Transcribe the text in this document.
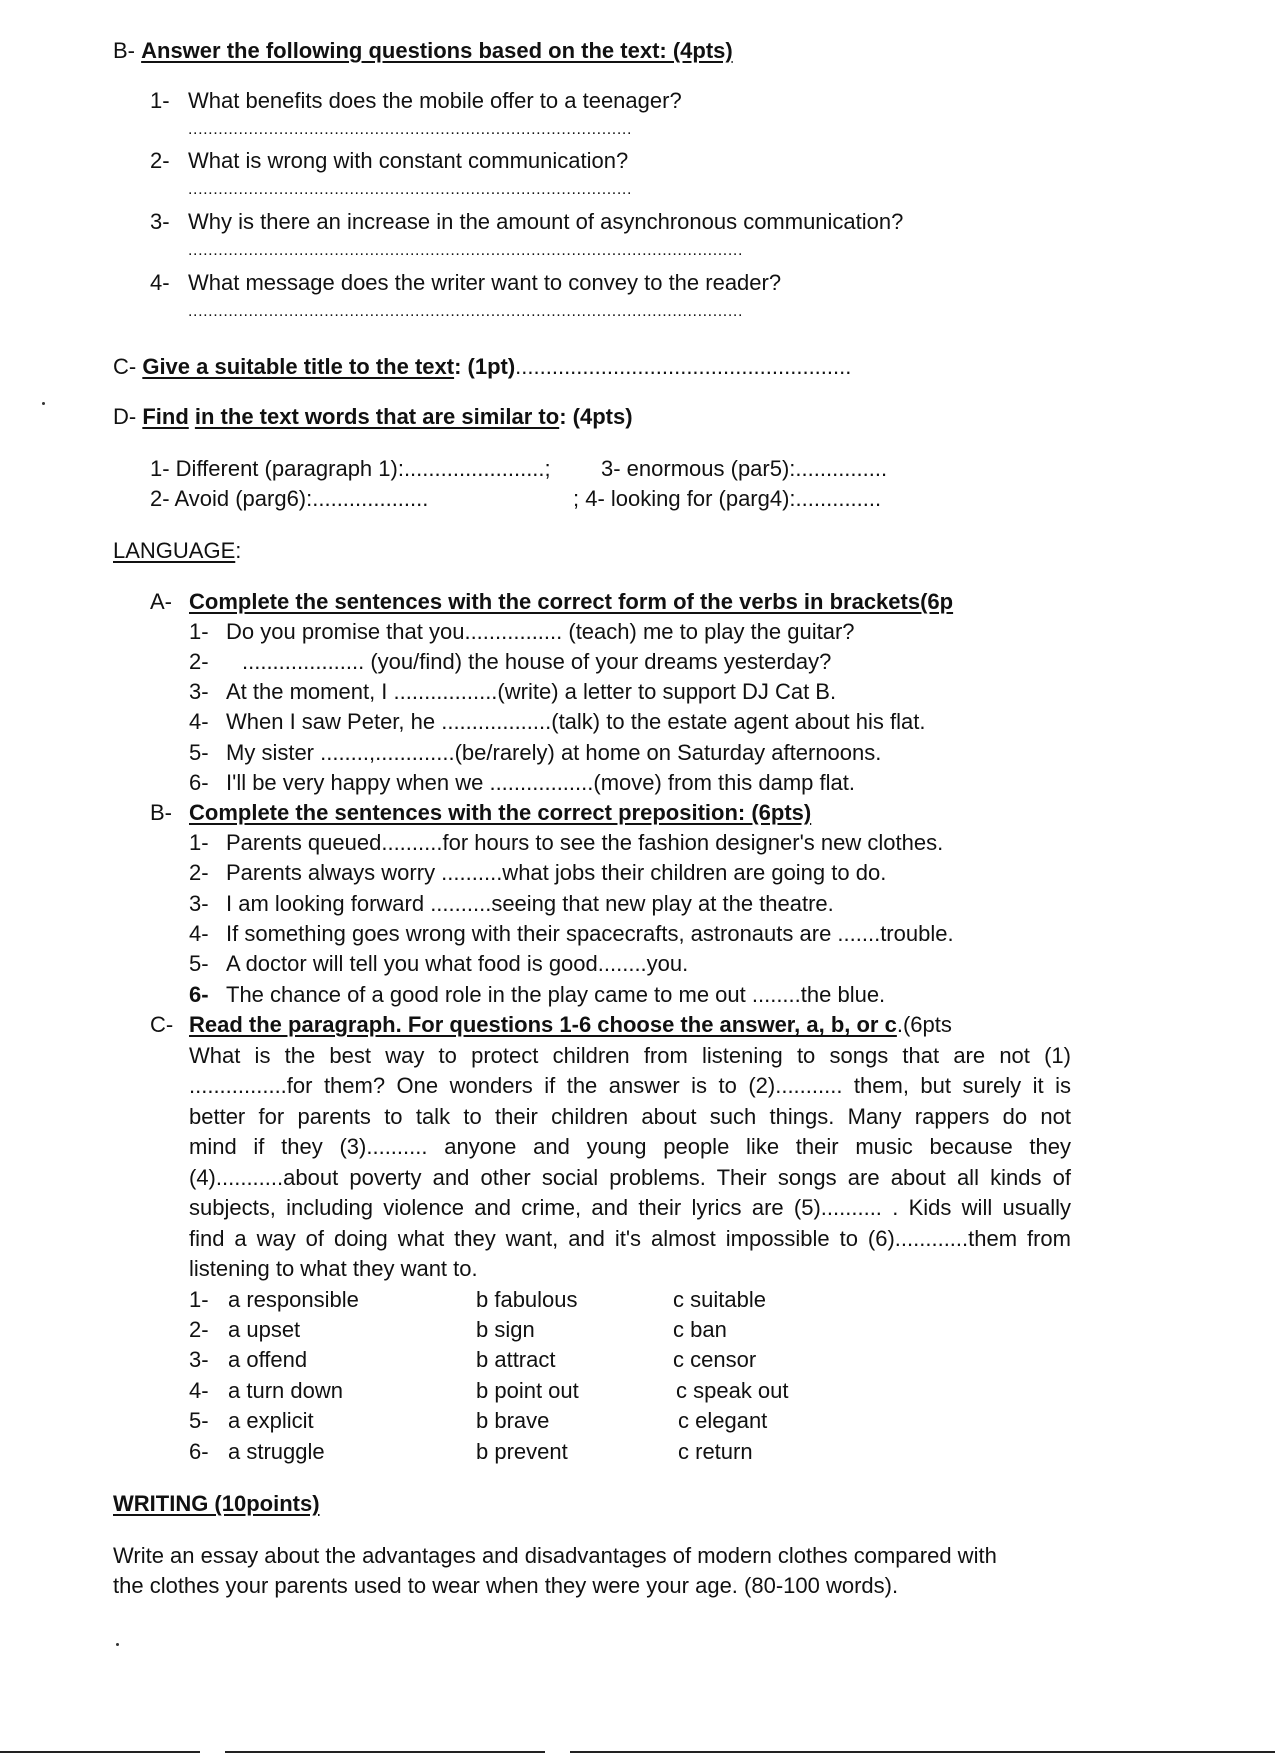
B- Answer the following questions based on the text: (4pts)
1- What benefits does the mobile offer to a teenager?
........................................................................................
2- What is wrong with constant communication?
........................................................................................
3- Why is there an increase in the amount of asynchronous communication?
..............................................................................................................
4- What message does the writer want to convey to the reader?
..............................................................................................................
C- Give a suitable title to the text: (1pt).......................................................
D- Find in the text words that are similar to: (4pts)
1- Different (paragraph 1):.......................; 3- enormous (par5):...............
2- Avoid (parg6):...................	; 4- looking for (parg4):..............
LANGUAGE:
A- Complete the sentences with the correct form of the verbs in brackets(6p
1- Do you promise that you................ (teach) me to play the guitar?
2- .................... (you/find) the house of your dreams yesterday?
3- At the moment, I .................(write) a letter to support DJ Cat B.
4- When I saw Peter, he ..................(talk) to the estate agent about his flat.
5- My sister ........,.............(be/rarely) at home on Saturday afternoons.
6- I'll be very happy when we .................(move) from this damp flat.
B- Complete the sentences with the correct preposition: (6pts)
1- Parents queued..........for hours to see the fashion designer's new clothes.
2- Parents always worry ..........what jobs their children are going to do.
3- I am looking forward ..........seeing that new play at the theatre.
4- If something goes wrong with their spacecrafts, astronauts are .......trouble.
5- A doctor will tell you what food is good........you.
6- The chance of a good role in the play came to me out ........the blue.
C- Read the paragraph. For questions 1-6 choose the answer, a, b, or c.(6pts
What is the best way to protect children from listening to songs that are not (1)
................for them? One wonders if the answer is to (2)........... them, but surely it is
better for parents to talk to their children about such things. Many rappers do not
mind if they (3).......... anyone and young people like their music because they
(4)...........about poverty and other social problems. Their songs are about all kinds of
subjects, including violence and crime, and their lyrics are (5).......... . Kids will usually
find a way of doing what they want, and it's almost impossible to (6)............them from
listening to what they want to.
1- a responsible	b fabulous	c suitable
2- a upset	b sign	c ban
3- a offend	b attract	c censor
4- a turn down	b point out	c speak out
5- a explicit	b brave	c elegant
6- a struggle	b prevent	c return
WRITING (10points)
Write an essay about the advantages and disadvantages of modern clothes compared with
the clothes your parents used to wear when they were your age. (80-100 words).
